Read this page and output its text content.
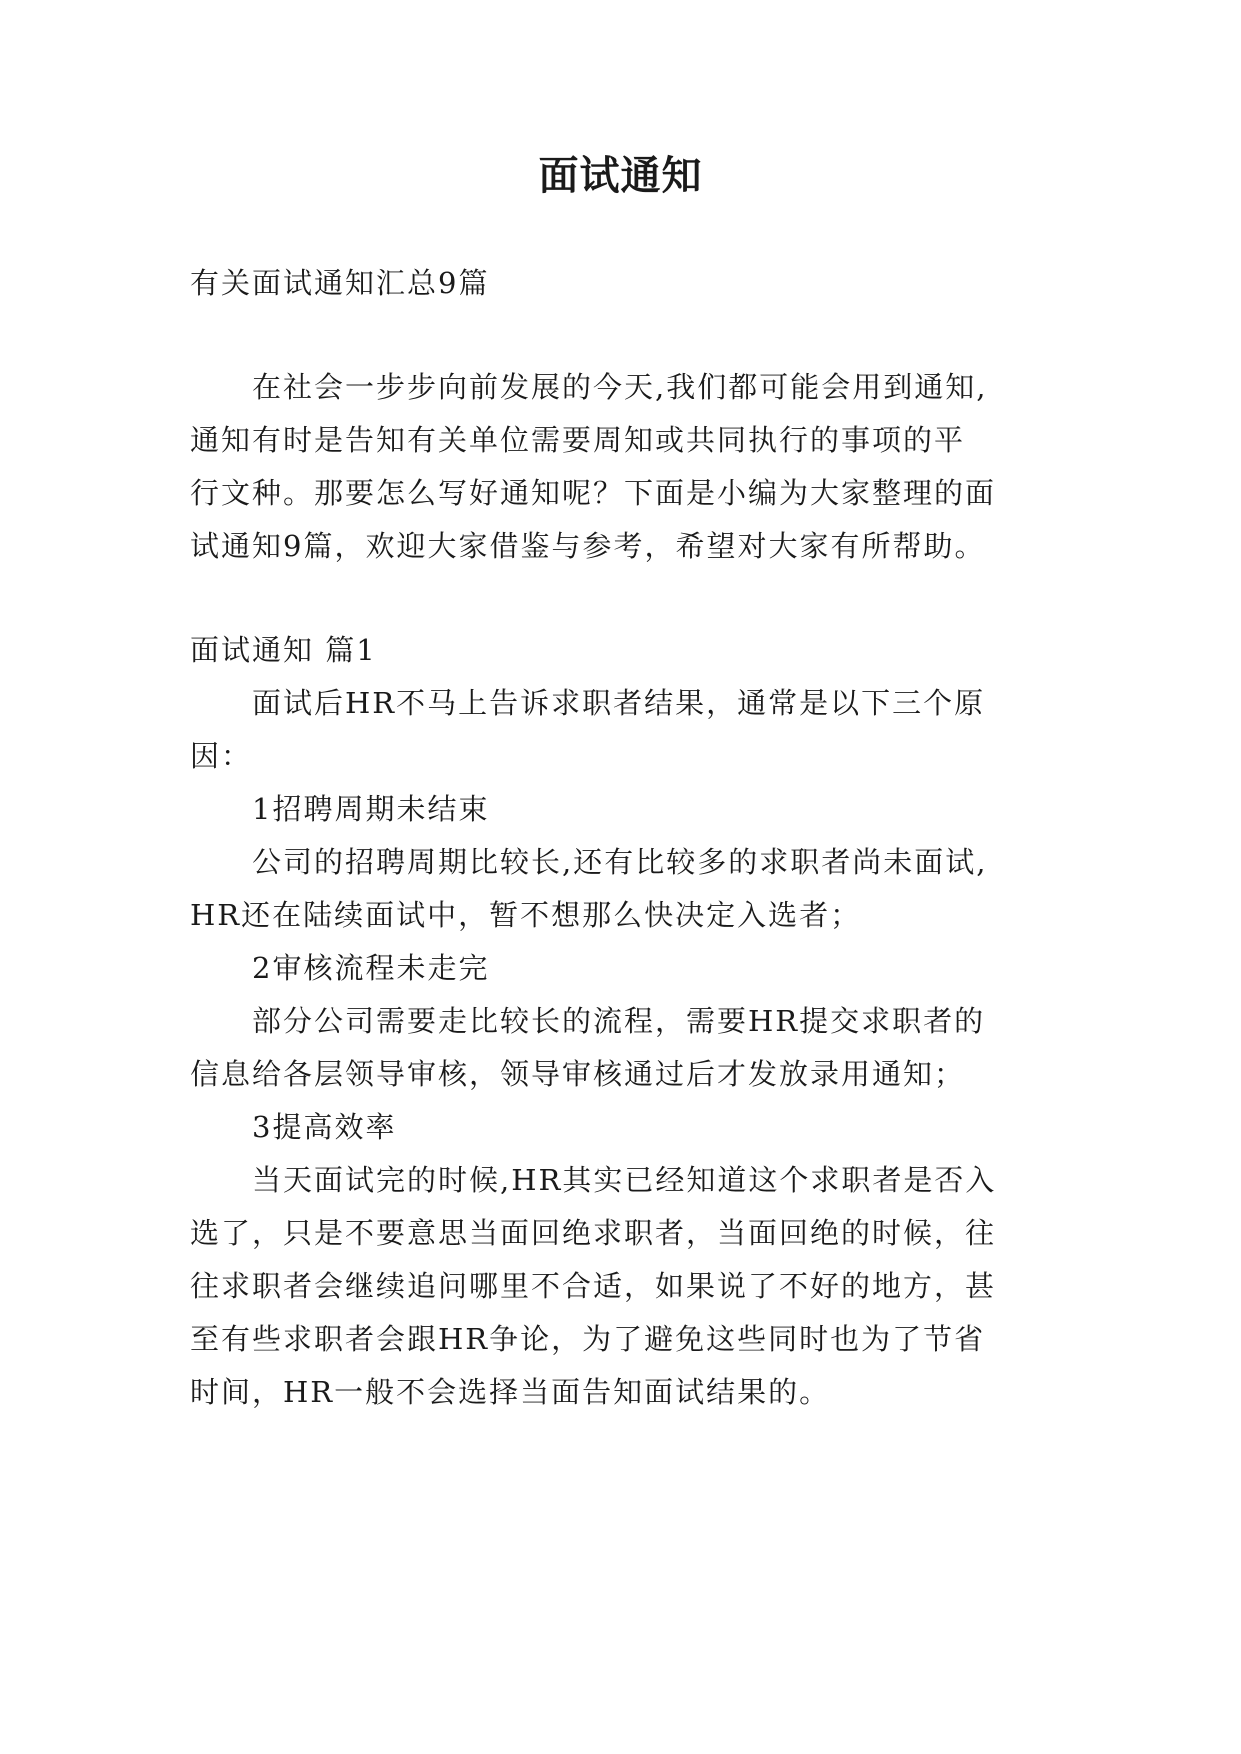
面试通知
有关面试通知汇总9篇
在社会一步步向前发展的今天,我们都可能会用到通知,
通知有时是告知有关单位需要周知或共同执行的事项的平
行文种。那要怎么写好通知呢？下面是小编为大家整理的面
试通知9篇，欢迎大家借鉴与参考，希望对大家有所帮助。
面试通知 篇1
面试后HR不马上告诉求职者结果，通常是以下三个原
因：
1招聘周期未结束
公司的招聘周期比较长,还有比较多的求职者尚未面试,
HR还在陆续面试中，暂不想那么快决定入选者；
2审核流程未走完
部分公司需要走比较长的流程，需要HR提交求职者的
信息给各层领导审核，领导审核通过后才发放录用通知；
3提高效率
当天面试完的时候,HR其实已经知道这个求职者是否入
选了，只是不要意思当面回绝求职者，当面回绝的时候，往
往求职者会继续追问哪里不合适，如果说了不好的地方，甚
至有些求职者会跟HR争论，为了避免这些同时也为了节省
时间，HR一般不会选择当面告知面试结果的。
